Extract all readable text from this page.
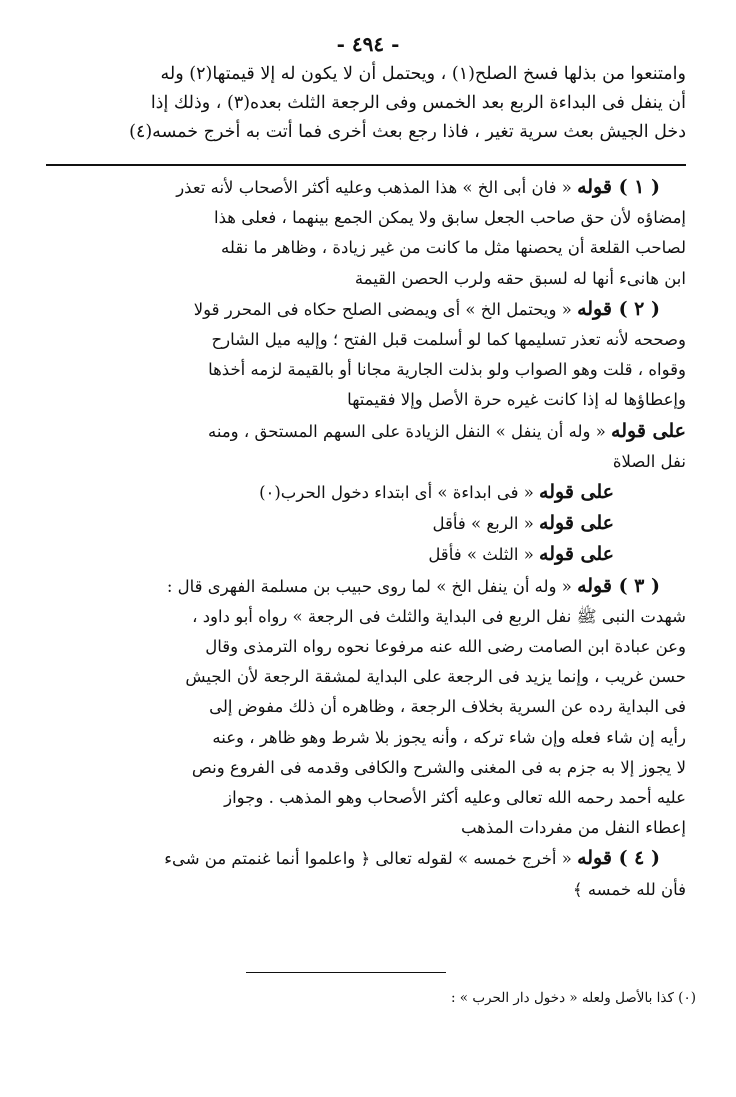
- ٤٩٤ -
وامتنعوا من بذلها فسخ الصلح(١) ، ويحتمل أن لا يكون له إلا قيمتها(٢) وله
أن ينفل فى البداءة الربع بعد الخمس وفى الرجعة الثلث بعده(٣) ، وذلك إذا
دخل الجيش بعث سرية تغير ، فاذا رجع بعث أخرى فما أتت به أخرج خمسه(٤)
( ١ ) قوله « فان أبى الخ » هذا المذهب وعليه أكثر الأصحاب لأنه تعذر
إمضاؤه لأن حق صاحب الجعل سابق ولا يمكن الجمع بينهما ، فعلى هذا
لصاحب القلعة أن يحصنها مثل ما كانت من غير زيادة ، وظاهر ما نقله
ابن هانىء أنها له لسبق حقه ولرب الحصن القيمة
( ٢ ) قوله « ويحتمل الخ » أى ويمضى الصلح حكاه فى المحرر قولا
وصححه لأنه تعذر تسليمها كما لو أسلمت قبل الفتح ؛ وإليه ميل الشارح
وقواه ، قلت وهو الصواب ولو بذلت الجارية مجانا أو بالقيمة لزمه أخذها
وإعطاؤها له إذا كانت غيره حرة الأصل وإلا فقيمتها
على قوله « وله أن ينفل » النفل الزيادة على السهم المستحق ، ومنه
نفل الصلاة
على قوله « فى ابداءة » أى ابتداء دخول الحرب(٠)
على قوله « الربع » فأقل
على قوله « الثلث » فأقل
( ٣ ) قوله « وله أن ينفل الخ » لما روى حبيب بن مسلمة الفهرى قال :
شهدت النبى ﷺ نفل الربع فى البداية والثلث فى الرجعة » رواه أبو داود ،
وعن عبادة ابن الصامت رضى الله عنه مرفوعا نحوه رواه الترمذى وقال
حسن غريب ، وإنما يزيد فى الرجعة على البداية لمشقة الرجعة لأن الجيش
فى البداية رده عن السرية بخلاف الرجعة ، وظاهره أن ذلك مفوض إلى
رأيه إن شاء فعله وإن شاء تركه ، وأنه يجوز بلا شرط وهو ظاهر ، وعنه
لا يجوز إلا به جزم به فى المغنى والشرح والكافى وقدمه فى الفروع ونص
عليه أحمد رحمه الله تعالى وعليه أكثر الأصحاب وهو المذهب . وجواز
إعطاء النفل من مفردات المذهب
( ٤ ) قوله « أخرج خمسه » لقوله تعالى ﴿ واعلموا أنما غنمتم من شىء
فأن لله خمسه ﴾
(٠) كذا بالأصل ولعله « دخول دار الحرب » :
